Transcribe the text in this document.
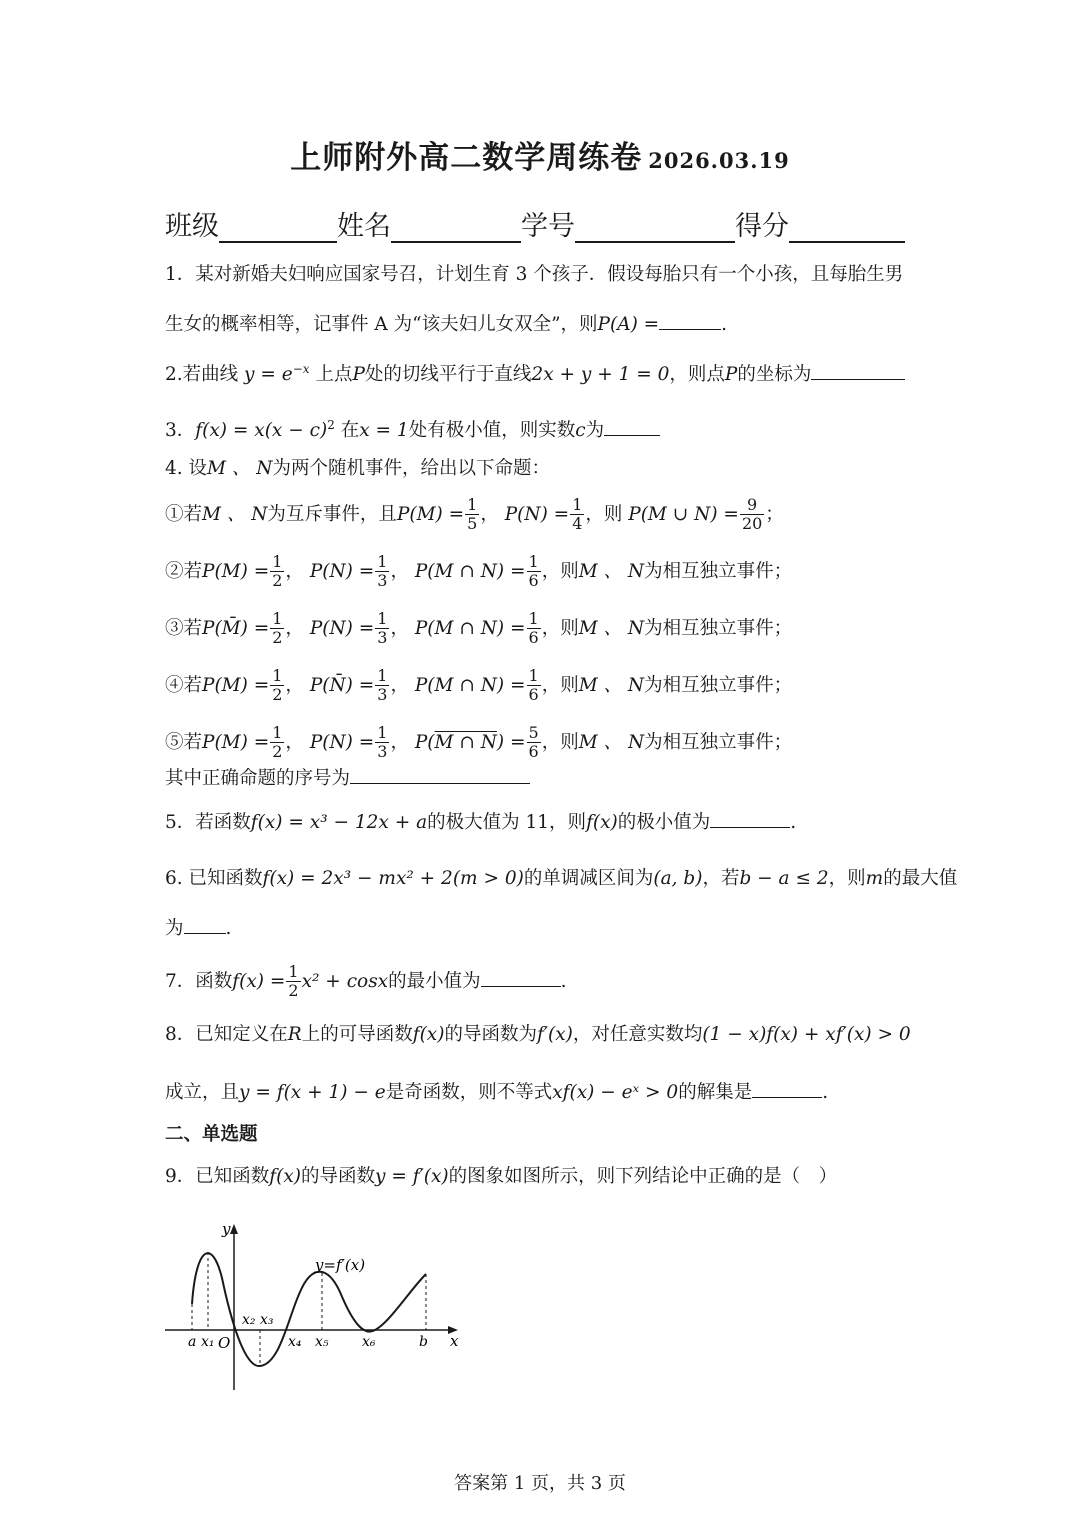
上师附外高二数学周练卷 2026.03.19
班级	姓名	学号	得分
1．某对新婚夫妇响应国家号召，计划生育 3 个孩子．假设每胎只有一个小孩，且每胎生男
生女的概率相等，记事件 A 为“该夫妇儿女双全”，则P(A) =	.
2.若曲线 $y = e^{-x}$ 上点P处的切线平行于直线2x + y + 1 = 0，则点P的坐标为
3．$f(x) = x(x - c)^2$ 在x = 1处有极小值，则实数c为
4. 设M 、 N为两个随机事件，给出以下命题：
①若M 、 N为互斥事件，且$P(M) = \frac{1}{5}$ ， $P(N) = \frac{1}{4}$ ，则 P(M ∪ $N) = \frac{9}{20}$ ；
②若$P(M) = \frac{1}{2}$ ， $P(N) = \frac{1}{3}$ ， P(M ∩ $N) = \frac{1}{6}$ ，则M 、 N为相互独立事件；
③若P(M̄) = $\frac{1}{2}$ ， $P(N) = \frac{1}{3}$ ， P(M ∩ $N) = \frac{1}{6}$ ，则M 、 N为相互独立事件；
④若$P(M) = \frac{1}{2}$ ， P(N̄) = $\frac{1}{3}$ ， P(M ∩ $N) = \frac{1}{6}$ ，则M 、 N为相互独立事件；
⑤若$P(M) = \frac{1}{2}$ ， $P(N) = \frac{1}{3}$ ， P(M ∩ $N) = \frac{5}{6}$ ，则M 、 N为相互独立事件；
其中正确命题的序号为
5．若函数f(x) = x³ − 12x + a的极大值为 11，则f(x)的极小值为	.
6. 已知函数f(x) = 2x³ − mx² + 2(m > 0)的单调减区间为(a, b)，若b − a ≤ 2，则m的最大值
为 .
7．函数$f(x) = \frac{1}{2} x^2 + \cos x$的最小值为	.
8．已知定义在R上的可导函数f(x)的导函数为f′(x)，对任意实数均(1 − x)f(x) + xf′(x) > 0
成立，且y = f(x + 1) − e是奇函数，则不等式xf(x) − eˣ > 0的解集是	.
二、单选题
9．已知函数f(x)的导函数y = f′(x)的图象如图所示，则下列结论中正确的是（　）
y=f′(x)
y
x
O
a x₁
x₂ x₃
x₄ x₅ x₆	b
答案第 1 页，共 3 页
